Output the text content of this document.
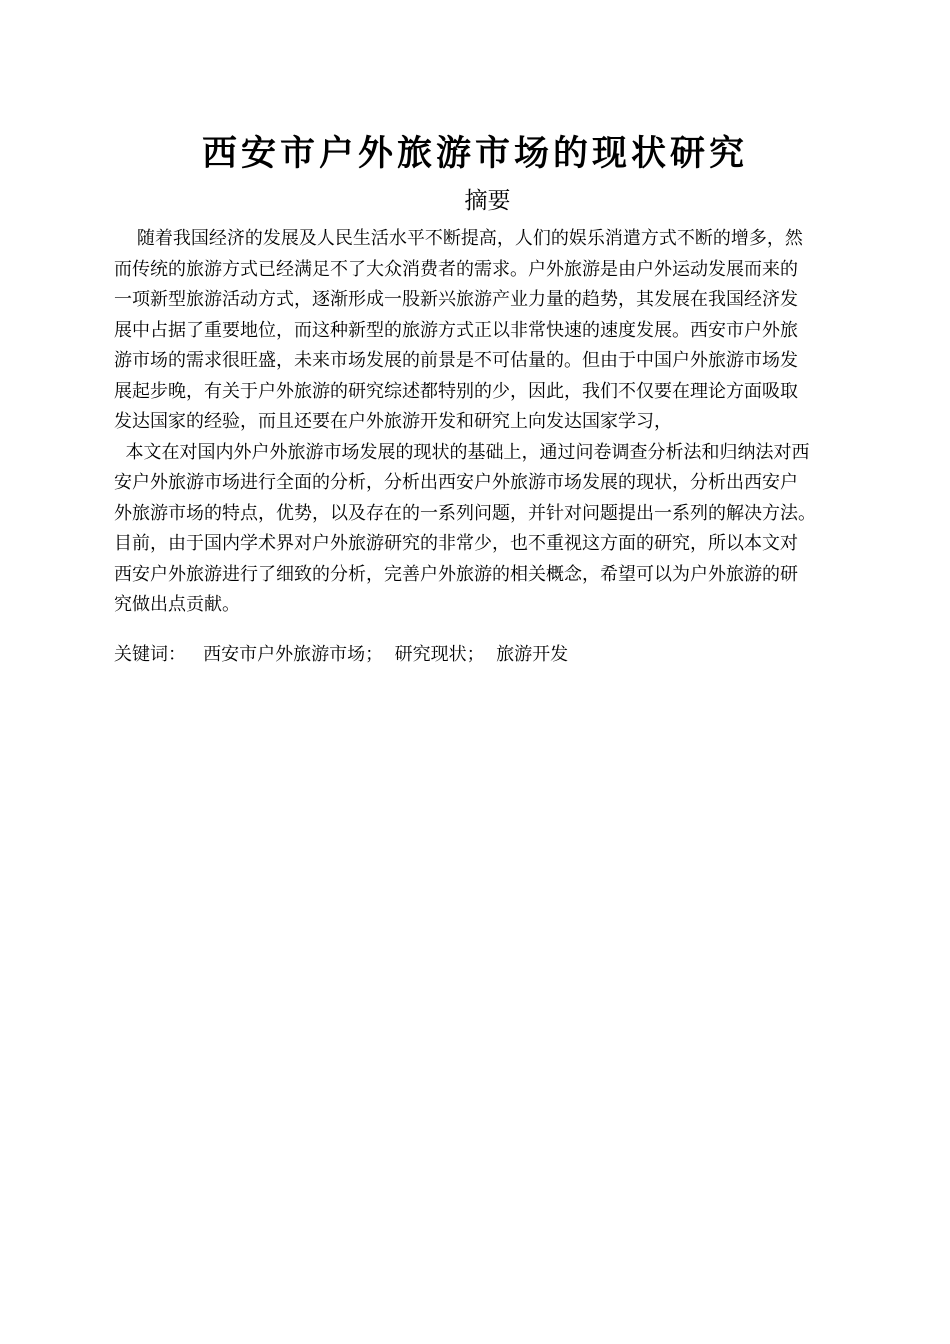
西安市户外旅游市场的现状研究
摘要
随着我国经济的发展及人民生活水平不断提高，人们的娱乐消遣方式不断的增多，然
而传统的旅游方式已经满足不了大众消费者的需求。户外旅游是由户外运动发展而来的
一项新型旅游活动方式，逐渐形成一股新兴旅游产业力量的趋势，其发展在我国经济发
展中占据了重要地位，而这种新型的旅游方式正以非常快速的速度发展。西安市户外旅
游市场的需求很旺盛，未来市场发展的前景是不可估量的。但由于中国户外旅游市场发
展起步晚，有关于户外旅游的研究综述都特别的少，因此，我们不仅要在理论方面吸取
发达国家的经验，而且还要在户外旅游开发和研究上向发达国家学习，
本文在对国内外户外旅游市场发展的现状的基础上，通过问卷调查分析法和归纳法对西
安户外旅游市场进行全面的分析，分析出西安户外旅游市场发展的现状，分析出西安户
外旅游市场的特点，优势，以及存在的一系列问题，并针对问题提出一系列的解决方法。
目前，由于国内学术界对户外旅游研究的非常少，也不重视这方面的研究，所以本文对
西安户外旅游进行了细致的分析，完善户外旅游的相关概念，希望可以为户外旅游的研
究做出点贡献。
关键词： 西安市户外旅游市场； 研究现状； 旅游开发
